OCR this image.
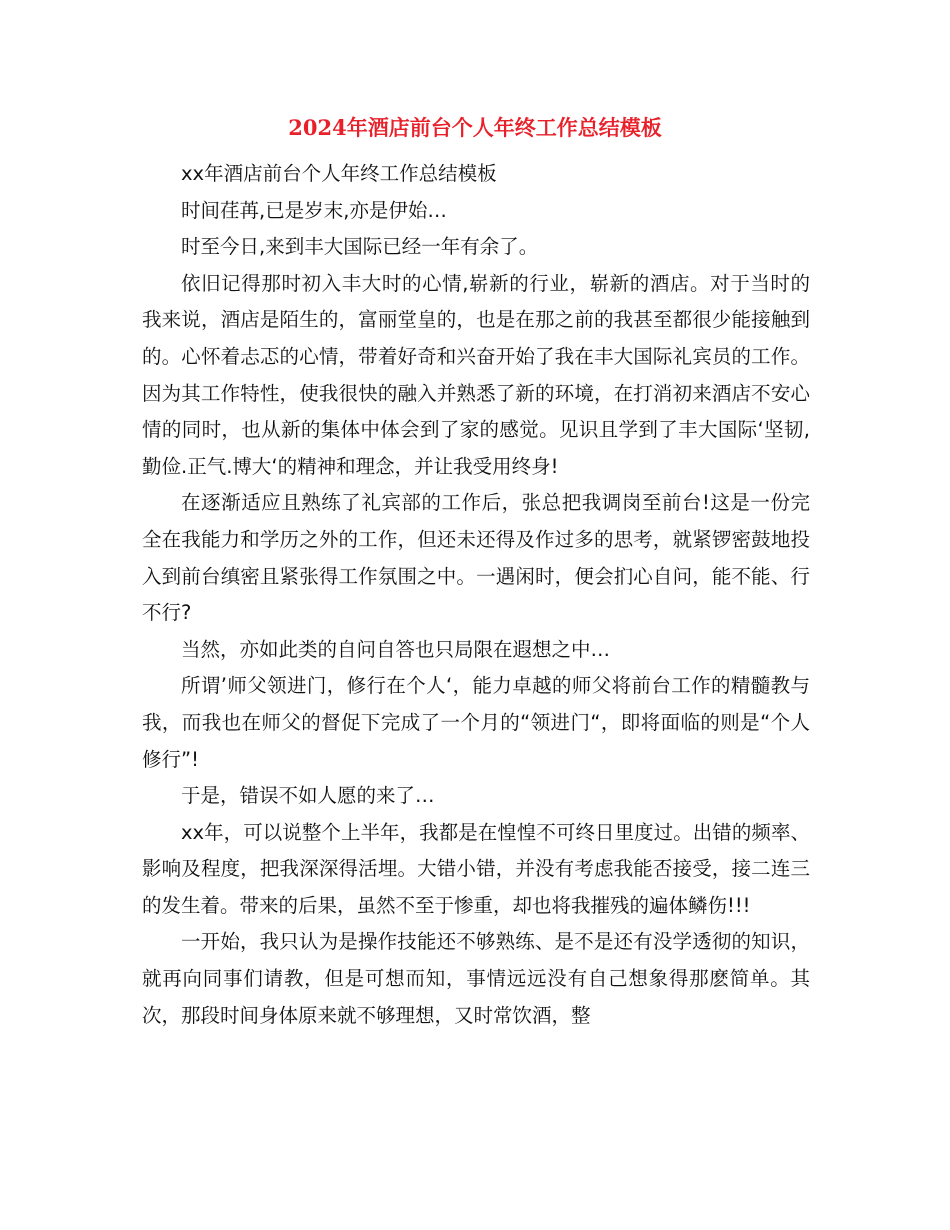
2024年酒店前台个人年终工作总结模板

xx年酒店前台个人年终工作总结模板

时间荏苒,已是岁末,亦是伊始…

时至今日,来到丰大国际已经一年有余了。

依旧记得那时初入丰大时的心情,崭新的行业，崭新的酒店。对于当时的我来说，酒店是陌生的，富丽堂皇的，也是在那之前的我甚至都很少能接触到的。心怀着忐忑的心情，带着好奇和兴奋开始了我在丰大国际礼宾员的工作。因为其工作特性，使我很快的融入并熟悉了新的环境，在打消初来酒店不安心情的同时，也从新的集体中体会到了家的感觉。见识且学到了丰大国际‘坚韧,勤俭.正气.博大‘的精神和理念，并让我受用终身!

在逐渐适应且熟练了礼宾部的工作后，张总把我调岗至前台!这是一份完全在我能力和学历之外的工作，但还未还得及作过多的思考，就紧锣密鼓地投入到前台缜密且紧张得工作氛围之中。一遇闲时，便会扪心自问，能不能、行不行?

当然，亦如此类的自问自答也只局限在遐想之中…

所谓’师父领进门，修行在个人‘，能力卓越的师父将前台工作的精髓教与我，而我也在师父的督促下完成了一个月的“领进门“，即将面临的则是“个人修行”!

于是，错误不如人愿的来了…

xx年，可以说整个上半年，我都是在惶惶不可终日里度过。出错的频率、影响及程度，把我深深得活埋。大错小错，并没有考虑我能否接受，接二连三的发生着。带来的后果，虽然不至于惨重，却也将我摧残的遍体鳞伤!!!

一开始，我只认为是操作技能还不够熟练、是不是还有没学透彻的知识，就再向同事们请教，但是可想而知，事情远远没有自己想象得那麽简单。其次，那段时间身体原来就不够理想，又时常饮酒，整
